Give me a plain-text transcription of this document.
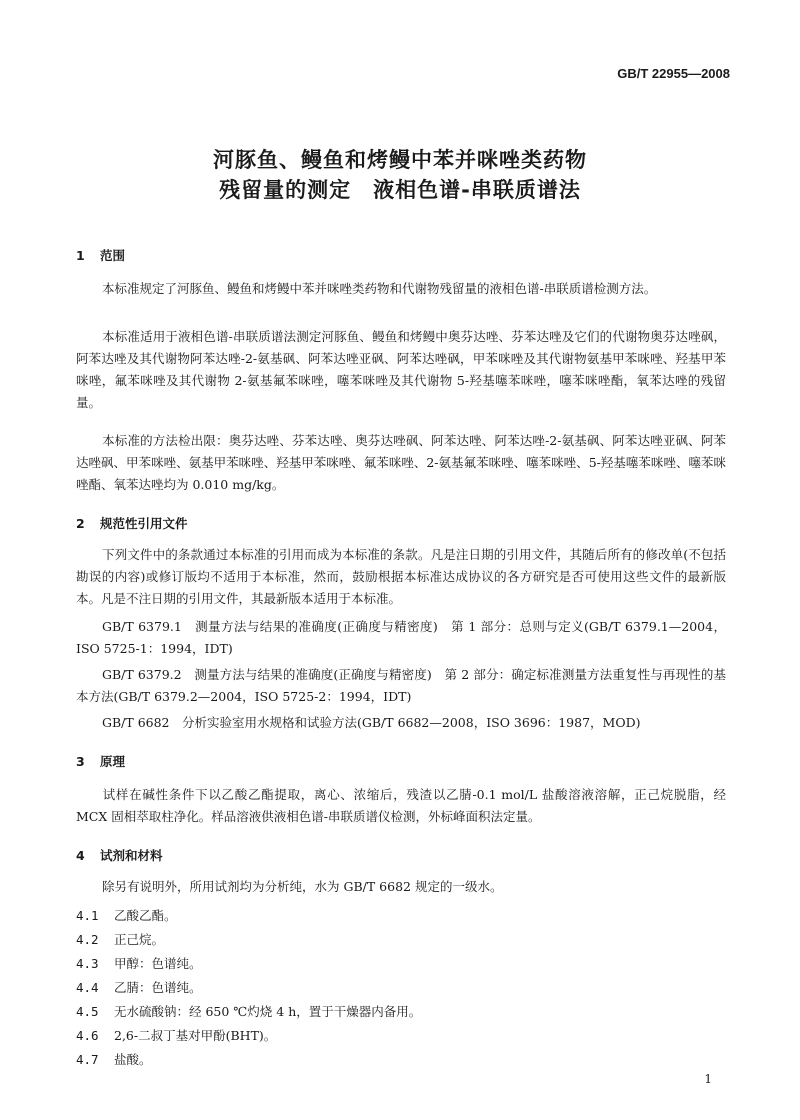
GB/T 22955—2008
河豚鱼、鳗鱼和烤鳗中苯并咪唑类药物
残留量的测定　液相色谱-串联质谱法
1 范围
本标准规定了河豚鱼、鳗鱼和烤鳗中苯并咪唑类药物和代谢物残留量的液相色谱-串联质谱检测方法。
本标准适用于液相色谱-串联质谱法测定河豚鱼、鳗鱼和烤鳗中奥芬达唑、芬苯达唑及它们的代谢物奥芬达唑砜，阿苯达唑及其代谢物阿苯达唑-2-氨基砜、阿苯达唑亚砜、阿苯达唑砜，甲苯咪唑及其代谢物氨基甲苯咪唑、羟基甲苯咪唑，氟苯咪唑及其代谢物 2-氨基氟苯咪唑，噻苯咪唑及其代谢物 5-羟基噻苯咪唑，噻苯咪唑酯，氧苯达唑的残留量。
本标准的方法检出限：奥芬达唑、芬苯达唑、奥芬达唑砜、阿苯达唑、阿苯达唑-2-氨基砜、阿苯达唑亚砜、阿苯达唑砜、甲苯咪唑、氨基甲苯咪唑、羟基甲苯咪唑、氟苯咪唑、2-氨基氟苯咪唑、噻苯咪唑、5-羟基噻苯咪唑、噻苯咪唑酯、氧苯达唑均为 0.010 mg/kg。
2 规范性引用文件
下列文件中的条款通过本标准的引用而成为本标准的条款。凡是注日期的引用文件，其随后所有的修改单(不包括勘误的内容)或修订版均不适用于本标准，然而，鼓励根据本标准达成协议的各方研究是否可使用这些文件的最新版本。凡是不注日期的引用文件，其最新版本适用于本标准。
GB/T 6379.1　测量方法与结果的准确度(正确度与精密度)　第 1 部分：总则与定义(GB/T 6379.1—2004，ISO 5725-1：1994，IDT)
GB/T 6379.2　测量方法与结果的准确度(正确度与精密度)　第 2 部分：确定标准测量方法重复性与再现性的基本方法(GB/T 6379.2—2004，ISO 5725-2：1994，IDT)
GB/T 6682　分析实验室用水规格和试验方法(GB/T 6682—2008，ISO 3696：1987，MOD)
3 原理
试样在碱性条件下以乙酸乙酯提取，离心、浓缩后，残渣以乙腈-0.1 mol/L 盐酸溶液溶解，正己烷脱脂，经 MCX 固相萃取柱净化。样品溶液供液相色谱-串联质谱仪检测，外标峰面积法定量。
4 试剂和材料
除另有说明外，所用试剂均为分析纯，水为 GB/T 6682 规定的一级水。
4.1 乙酸乙酯。
4.2 正己烷。
4.3 甲醇：色谱纯。
4.4 乙腈：色谱纯。
4.5 无水硫酸钠：经 650 ℃灼烧 4 h，置于干燥器内备用。
4.6 2,6-二叔丁基对甲酚(BHT)。
4.7 盐酸。
1
